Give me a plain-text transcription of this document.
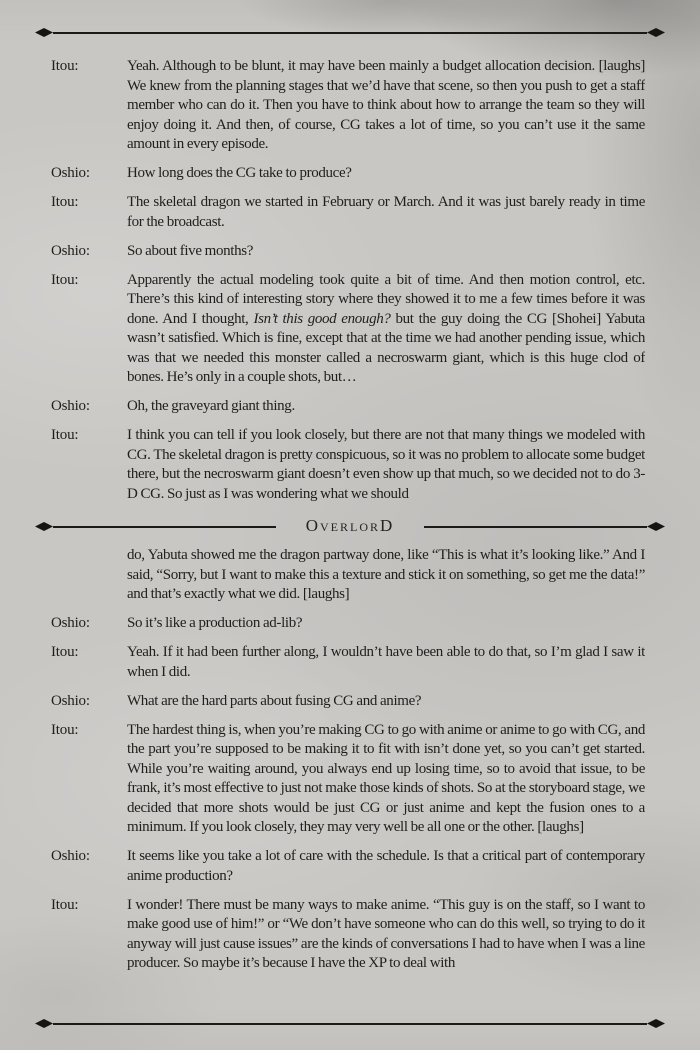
Itou:	Yeah. Although to be blunt, it may have been mainly a budget allocation decision. [laughs] We knew from the planning stages that we’d have that scene, so then you push to get a staff member who can do it. Then you have to think about how to arrange the team so they will enjoy doing it. And then, of course, CG takes a lot of time, so you can’t use it the same amount in every episode.

Oshio:	How long does the CG take to produce?

Itou:	The skeletal dragon we started in February or March. And it was just barely ready in time for the broadcast.

Oshio:	So about five months?

Itou:	Apparently the actual modeling took quite a bit of time. And then motion control, etc. There’s this kind of interesting story where they showed it to me a few times before it was done. And I thought, Isn’t this good enough? but the guy doing the CG [Shohei] Yabuta wasn’t satisfied. Which is fine, except that at the time we had another pending issue, which was that we needed this monster called a necroswarm giant, which is this huge clod of bones. He’s only in a couple shots, but…

Oshio:	Oh, the graveyard giant thing.

Itou:	I think you can tell if you look closely, but there are not that many things we modeled with CG. The skeletal dragon is pretty conspicuous, so it was no problem to allocate some budget there, but the necroswarm giant doesn’t even show up that much, so we decided not to do 3-D CG. So just as I was wondering what we should

OverlorD

do, Yabuta showed me the dragon partway done, like “This is what it’s looking like.” And I said, “Sorry, but I want to make this a texture and stick it on something, so get me the data!” and that’s exactly what we did. [laughs]

Oshio:	So it’s like a production ad-lib?

Itou:	Yeah. If it had been further along, I wouldn’t have been able to do that, so I’m glad I saw it when I did.

Oshio:	What are the hard parts about fusing CG and anime?

Itou:	The hardest thing is, when you’re making CG to go with anime or anime to go with CG, and the part you’re supposed to be making it to fit with isn’t done yet, so you can’t get started. While you’re waiting around, you always end up losing time, so to avoid that issue, to be frank, it’s most effective to just not make those kinds of shots. So at the storyboard stage, we decided that more shots would be just CG or just anime and kept the fusion ones to a minimum. If you look closely, they may very well be all one or the other. [laughs]

Oshio:	It seems like you take a lot of care with the schedule. Is that a critical part of contemporary anime production?

Itou:	I wonder! There must be many ways to make anime. “This guy is on the staff, so I want to make good use of him!” or “We don’t have someone who can do this well, so trying to do it anyway will just cause issues” are the kinds of conversations I had to have when I was a line producer. So maybe it’s because I have the XP to deal with
